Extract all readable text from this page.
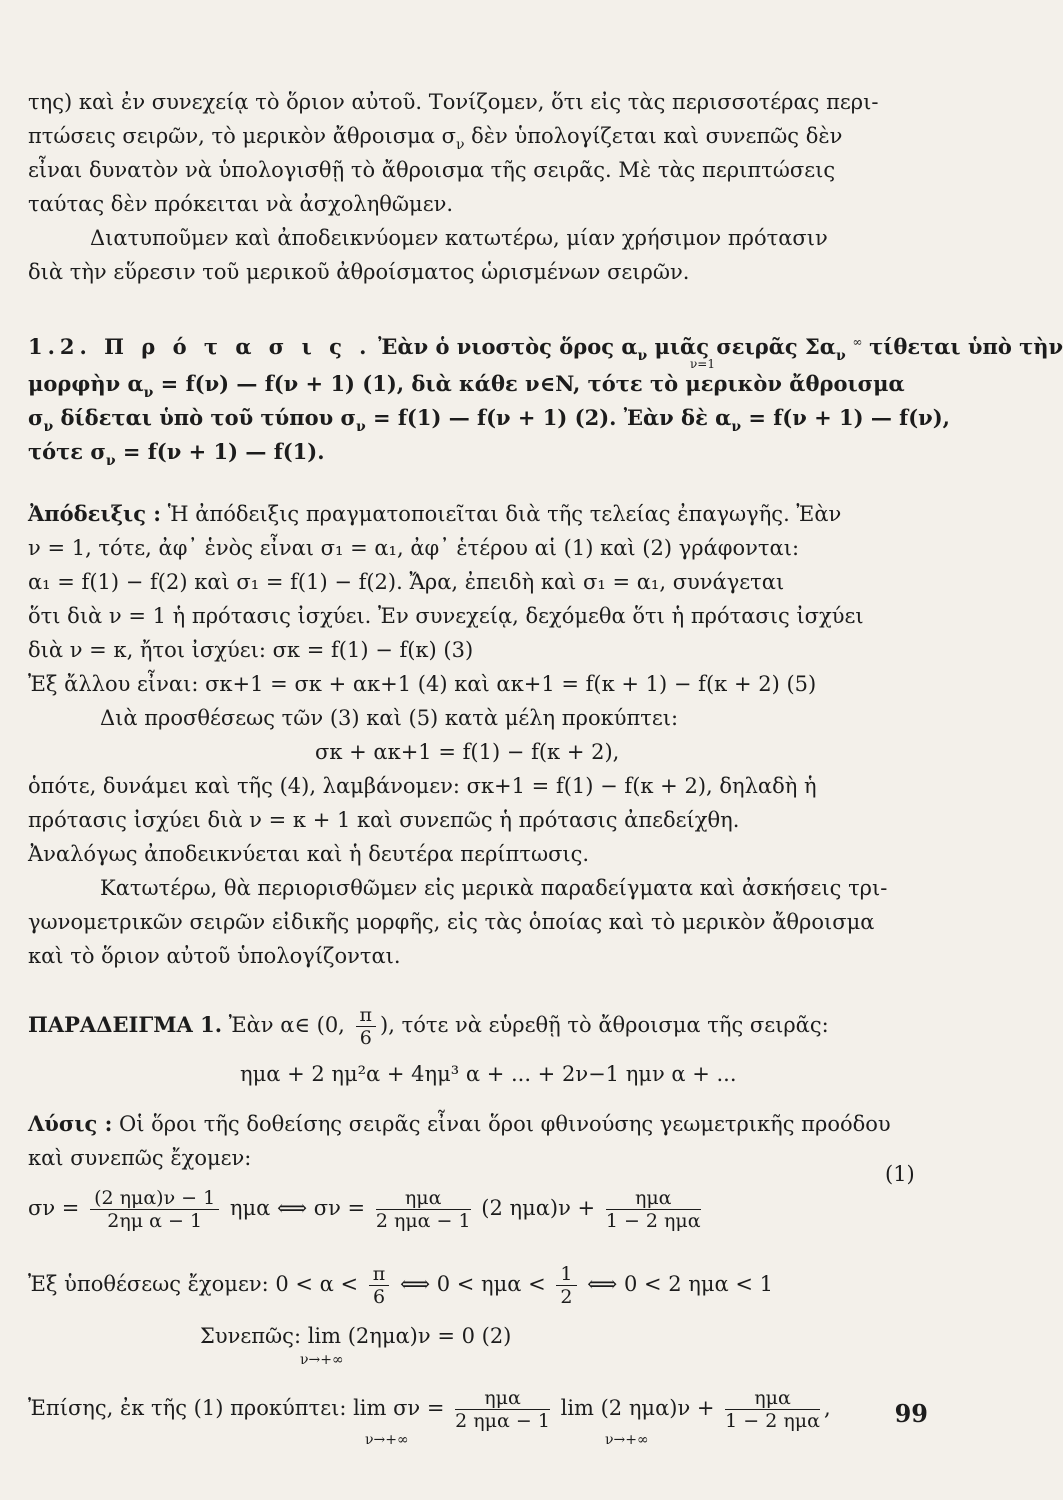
της) καὶ ἐν συνεχείᾳ τὸ ὅριον αὐτοῦ. Τονίζομεν, ὅτι εἰς τὰς περισσοτέρας περι-
πτώσεις σειρῶν, τὸ μερικὸν ἄθροισμα $\sigma_\nu$ δὲν ὑπολογίζεται καὶ συνεπῶς δὲν
εἶναι δυνατὸν νὰ ὑπολογισθῇ τὸ ἄθροισμα τῆς σειρᾶς. Μὲ τὰς περιπτώσεις
ταύτας δὲν πρόκειται νὰ ἀσχοληθῶμεν.
Διατυποῦμεν καὶ ἀποδεικνύομεν κατωτέρω, μίαν χρήσιμον πρότασιν
διὰ τὴν εὕρεσιν τοῦ μερικοῦ ἀθροίσματος ὡρισμένων σειρῶν.
1.2. Π ρ ό τ α σ ι ς . Ἐὰν ὁ νιοστὸς ὅρος $\alpha_\nu$ μιᾶς σειρᾶς $\Sigma\alpha_\nu$ ∞ τίθεται ὑπὸ τὴν
ν=1
μορφὴν $\alpha_\nu = f(\nu)$ — f(ν + 1) (1), διὰ κάθε ν∈N, τότε τὸ μερικὸν ἄθροισμα
$\sigma_\nu$ δίδεται ὑπὸ τοῦ τύπου $\sigma_\nu = f(1)$ — f(ν + 1) (2). Ἐὰν δὲ $\alpha_\nu = f(\nu + 1)$ — f(ν),
τότε $\sigma_\nu = f(\nu + 1)$ — f(1).
Ἀπόδειξις : Ἡ ἀπόδειξις πραγματοποιεῖται διὰ τῆς τελείας ἐπαγωγῆς. Ἐὰν
ν = 1, τότε, ἀφ᾽ ἑνὸς εἶναι σ₁ = α₁, ἀφ᾽ ἑτέρου αἱ (1) καὶ (2) γράφονται:
α₁ = f(1) − f(2) καὶ σ₁ = f(1) − f(2). Ἄρα, ἐπειδὴ καὶ σ₁ = α₁, συνάγεται
ὅτι διὰ ν = 1 ἡ πρότασις ἰσχύει. Ἐν συνεχείᾳ, δεχόμεθα ὅτι ἡ πρότασις ἰσχύει
διὰ ν = κ, ἤτοι ἰσχύει: σκ = f(1) − f(κ) (3)
Ἐξ ἄλλου εἶναι: σκ+1 = σκ + ακ+1 (4) καὶ ακ+1 = f(κ + 1) − f(κ + 2) (5)
Διὰ προσθέσεως τῶν (3) καὶ (5) κατὰ μέλη προκύπτει:
σκ + ακ+1 = f(1) − f(κ + 2),
ὁπότε, δυνάμει καὶ τῆς (4), λαμβάνομεν: σκ+1 = f(1) − f(κ + 2), δηλαδὴ ἡ
πρότασις ἰσχύει διὰ ν = κ + 1 καὶ συνεπῶς ἡ πρότασις ἀπεδείχθη.
Ἀναλόγως ἀποδεικνύεται καὶ ἡ δευτέρα περίπτωσις.
Κατωτέρω, θὰ περιορισθῶμεν εἰς μερικὰ παραδείγματα καὶ ἀσκήσεις τρι-
γωνομετρικῶν σειρῶν εἰδικῆς μορφῆς, εἰς τὰς ὁποίας καὶ τὸ μερικὸν ἄθροισμα
καὶ τὸ ὅριον αὐτοῦ ὑπολογίζονται.
ΠΑΡΑΔΕΙΓΜΑ 1. Ἐὰν α∈ (0, $\frac{\pi}{6}$ ), τότε νὰ εὑρεθῇ τὸ ἄθροισμα τῆς σειρᾶς:
ημα + 2 ημ²α + 4ημ³ α + ... + 2ν−1 ημν α + ...
Λύσις : Οἱ ὅροι τῆς δοθείσης σειρᾶς εἶναι ὅροι φθινούσης γεωμετρικῆς προόδου
καὶ συνεπῶς ἔχομεν:
$\sigma\nu = \frac{\text{(2 ημα)ν − 1}}{\text{2ημ α − 1}}$ ημα ⟺ $\sigma\nu = \frac{\text{ημα}}{\text{2 ημα − 1}} (2$ $\eta\mu\alpha)\nu + \frac{\text{ημα}}{\text{1 − 2 ημα}}$
(1)
Ἐξ ὑποθέσεως ἔχομεν: $0 < \alpha < \frac{\pi}{6}$ ⟺ $0 < \eta\mu\alpha < \frac{1}{2}$ ⟺ 0 < 2 ημα < 1
Συνεπῶς: lim (2ημα)ν = 0 (2)
ν→+∞
Ἐπίσης, ἐκ τῆς (1) προκύπτει: $\lim \sigma\nu = \frac{\text{ημα}}{\text{2 ημα − 1}}$ lim (2 $\eta\mu\alpha)\nu + \frac{\text{ημα}}{\text{1 − 2 ημα}}$ ,
ν→+∞	ν→+∞
99
